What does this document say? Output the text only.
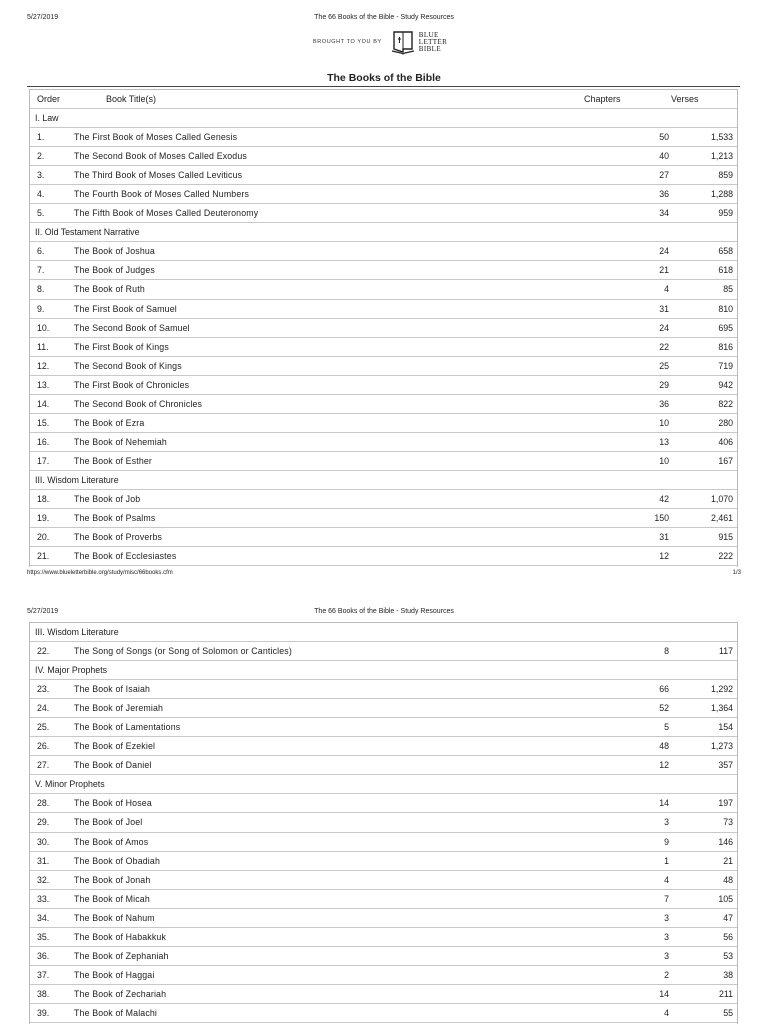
5/27/2019	The 66 Books of the Bible - Study Resources
BROUGHT TO YOU BY
BLUE
LETTER
BIBLE
The Books of the Bible
Order	Book Title(s)	Chapters	Verses
I. Law
1.	The First Book of Moses Called Genesis	50	1,533
2.	The Second Book of Moses Called Exodus	40	1,213
3.	The Third Book of Moses Called Leviticus	27	859
4.	The Fourth Book of Moses Called Numbers	36	1,288
5.	The Fifth Book of Moses Called Deuteronomy	34	959
II. Old Testament Narrative
6.	The Book of Joshua	24	658
7.	The Book of Judges	21	618
8.	The Book of Ruth	4	85
9.	The First Book of Samuel	31	810
10.	The Second Book of Samuel	24	695
11.	The First Book of Kings	22	816
12.	The Second Book of Kings	25	719
13.	The First Book of Chronicles	29	942
14.	The Second Book of Chronicles	36	822
15.	The Book of Ezra	10	280
16.	The Book of Nehemiah	13	406
17.	The Book of Esther	10	167
III. Wisdom Literature
18.	The Book of Job	42	1,070
19.	The Book of Psalms	150	2,461
20.	The Book of Proverbs	31	915
21.	The Book of Ecclesiastes	12	222
https://www.blueletterbible.org/study/misc/66books.cfm	1/3
5/27/2019	The 66 Books of the Bible - Study Resources
III. Wisdom Literature
22.	The Song of Songs (or Song of Solomon or Canticles)	8	117
IV. Major Prophets
23.	The Book of Isaiah	66	1,292
24.	The Book of Jeremiah	52	1,364
25.	The Book of Lamentations	5	154
26.	The Book of Ezekiel	48	1,273
27.	The Book of Daniel	12	357
V. Minor Prophets
28.	The Book of Hosea	14	197
29.	The Book of Joel	3	73
30.	The Book of Amos	9	146
31.	The Book of Obadiah	1	21
32.	The Book of Jonah	4	48
33.	The Book of Micah	7	105
34.	The Book of Nahum	3	47
35.	The Book of Habakkuk	3	56
36.	The Book of Zephaniah	3	53
37.	The Book of Haggai	2	38
38.	The Book of Zechariah	14	211
39.	The Book of Malachi	4	55
